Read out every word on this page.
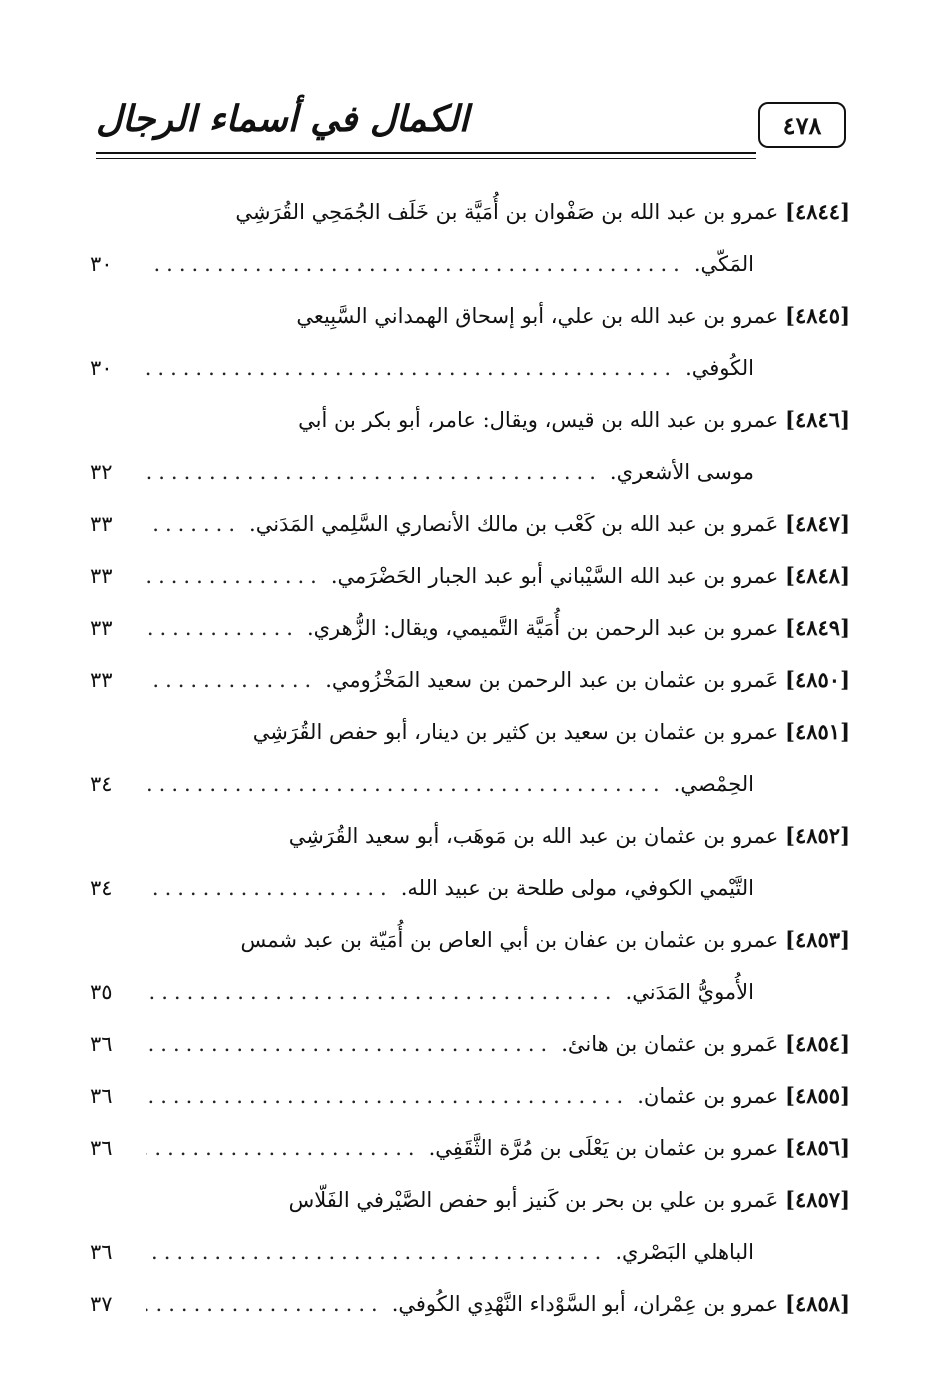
٤٧٨
الكمال في أسماء الرجال
[٤٨٤٤] عمرو بن عبد الله بن صَفْوان بن أُمَيَّة بن خَلَف الجُمَحِي القُرَشِي
المَكّي.
.....
٣٠
[٤٨٤٥] عمرو بن عبد الله بن علي، أبو إسحاق الهمداني السَّبِيعي
الكُوفي.
.....
٣٠
[٤٨٤٦] عمرو بن عبد الله بن قيس، ويقال: عامر، أبو بكر بن أبي
موسى الأشعري.
.....
٣٢
[٤٨٤٧] عَمرو بن عبد الله بن كَعْب بن مالك الأنصاري السَّلِمي المَدَني.
.....
٣٣
[٤٨٤٨] عمرو بن عبد الله السَّيْباني أبو عبد الجبار الحَضْرَمي.
.....
٣٣
[٤٨٤٩] عمرو بن عبد الرحمن بن أُمَيَّة التَّميمي، ويقال: الزُّهري.
.....
٣٣
[٤٨٥٠] عَمرو بن عثمان بن عبد الرحمن بن سعيد المَخْزُومي.
.....
٣٣
[٤٨٥١] عمرو بن عثمان بن سعيد بن كثير بن دينار، أبو حفص القُرَشِي
الحِمْصي.
.....
٣٤
[٤٨٥٢] عمرو بن عثمان بن عبد الله بن مَوهَب، أبو سعيد القُرَشِي
التَّيْمي الكوفي، مولى طلحة بن عبيد الله.
.....
٣٤
[٤٨٥٣] عمرو بن عثمان بن عفان بن أبي العاص بن أُمَيّة بن عبد شمس
الأُمويُّ المَدَني.
.....
٣٥
[٤٨٥٤] عَمرو بن عثمان بن هانئ.
.....
٣٦
[٤٨٥٥] عمرو بن عثمان.
.....
٣٦
[٤٨٥٦] عمرو بن عثمان بن يَعْلَى بن مُرَّة الثَّقَفِي.
.....
٣٦
[٤٨٥٧] عَمرو بن علي بن بحر بن كَنيز أبو حفص الصَّيْرفي الفَلّاس
الباهلي البَصْري.
.....
٣٦
[٤٨٥٨] عمرو بن عِمْران، أبو السَّوْداء النَّهْدِي الكُوفي.
.....
٣٧
